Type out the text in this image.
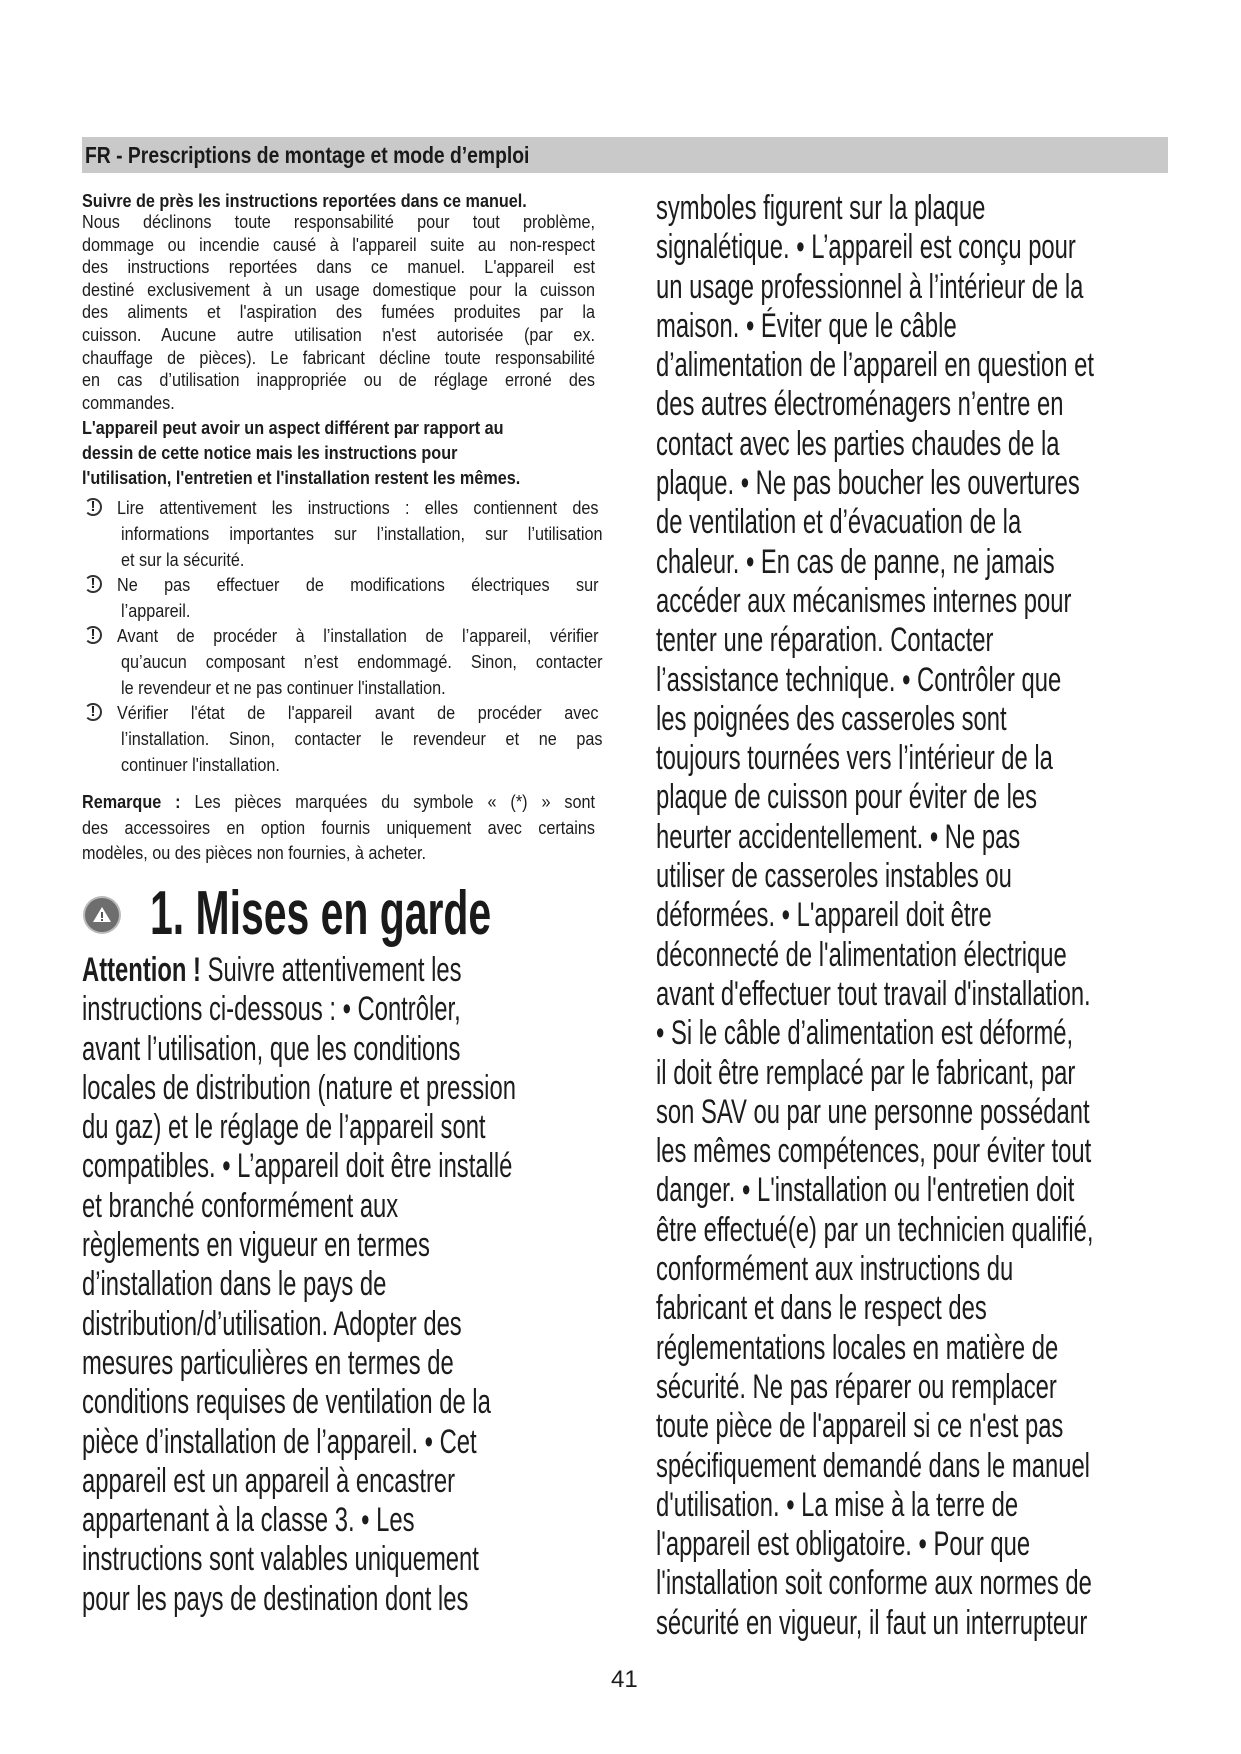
FR - Prescriptions de montage et mode d’emploi
Suivre de près les instructions reportées dans ce manuel.
Nous déclinons toute responsabilité pour tout problème,
dommage ou incendie causé à l'appareil suite au non-respect
des instructions reportées dans ce manuel. L'appareil est
destiné exclusivement à un usage domestique pour la cuisson
des aliments et l'aspiration des fumées produites par la
cuisson. Aucune autre utilisation n'est autorisée (par ex.
chauffage de pièces). Le fabricant décline toute responsabilité
en cas d’utilisation inappropriée ou de réglage erroné des
commandes.
L'appareil peut avoir un aspect différent par rapport au
dessin de cette notice mais les instructions pour
l'utilisation, l'entretien et l'installation restent les mêmes.
!	Lire attentivement les instructions : elles contiennent des
informations importantes sur l’installation, sur l’utilisation
et sur la sécurité.
!	Ne pas effectuer de modifications électriques sur
l’appareil.
!	Avant de procéder à l’installation de l’appareil, vérifier
qu’aucun composant n’est endommagé. Sinon, contacter
le revendeur et ne pas continuer l'installation.
!	Vérifier l'état de l'appareil avant de procéder avec
l’installation. Sinon, contacter le revendeur et ne pas
continuer l'installation.
Remarque : Les pièces marquées du symbole « (*) » sont
des accessoires en option fournis uniquement avec certains
modèles, ou des pièces non fournies, à acheter.
1. Mises en garde
Attention ! Suivre attentivement les
instructions ci-dessous : • Contrôler,
avant l’utilisation, que les conditions
locales de distribution (nature et pression
du gaz) et le réglage de l’appareil sont
compatibles. • L’appareil doit être installé
et branché conformément aux
règlements en vigueur en termes
d’installation dans le pays de
distribution/d’utilisation. Adopter des
mesures particulières en termes de
conditions requises de ventilation de la
pièce d’installation de l’appareil. • Cet
appareil est un appareil à encastrer
appartenant à la classe 3. • Les
instructions sont valables uniquement
pour les pays de destination dont les
symboles figurent sur la plaque
signalétique. • L’appareil est conçu pour
un usage professionnel à l’intérieur de la
maison. • Éviter que le câble
d’alimentation de l’appareil en question et
des autres électroménagers n’entre en
contact avec les parties chaudes de la
plaque. • Ne pas boucher les ouvertures
de ventilation et d’évacuation de la
chaleur. • En cas de panne, ne jamais
accéder aux mécanismes internes pour
tenter une réparation. Contacter
l’assistance technique. • Contrôler que
les poignées des casseroles sont
toujours tournées vers l’intérieur de la
plaque de cuisson pour éviter de les
heurter accidentellement. • Ne pas
utiliser de casseroles instables ou
déformées. • L'appareil doit être
déconnecté de l'alimentation électrique
avant d'effectuer tout travail d'installation.
• Si le câble d’alimentation est déformé,
il doit être remplacé par le fabricant, par
son SAV ou par une personne possédant
les mêmes compétences, pour éviter tout
danger. • L'installation ou l'entretien doit
être effectué(e) par un technicien qualifié,
conformément aux instructions du
fabricant et dans le respect des
réglementations locales en matière de
sécurité. Ne pas réparer ou remplacer
toute pièce de l'appareil si ce n'est pas
spécifiquement demandé dans le manuel
d'utilisation. • La mise à la terre de
l'appareil est obligatoire. • Pour que
l'installation soit conforme aux normes de
sécurité en vigueur, il faut un interrupteur
41
